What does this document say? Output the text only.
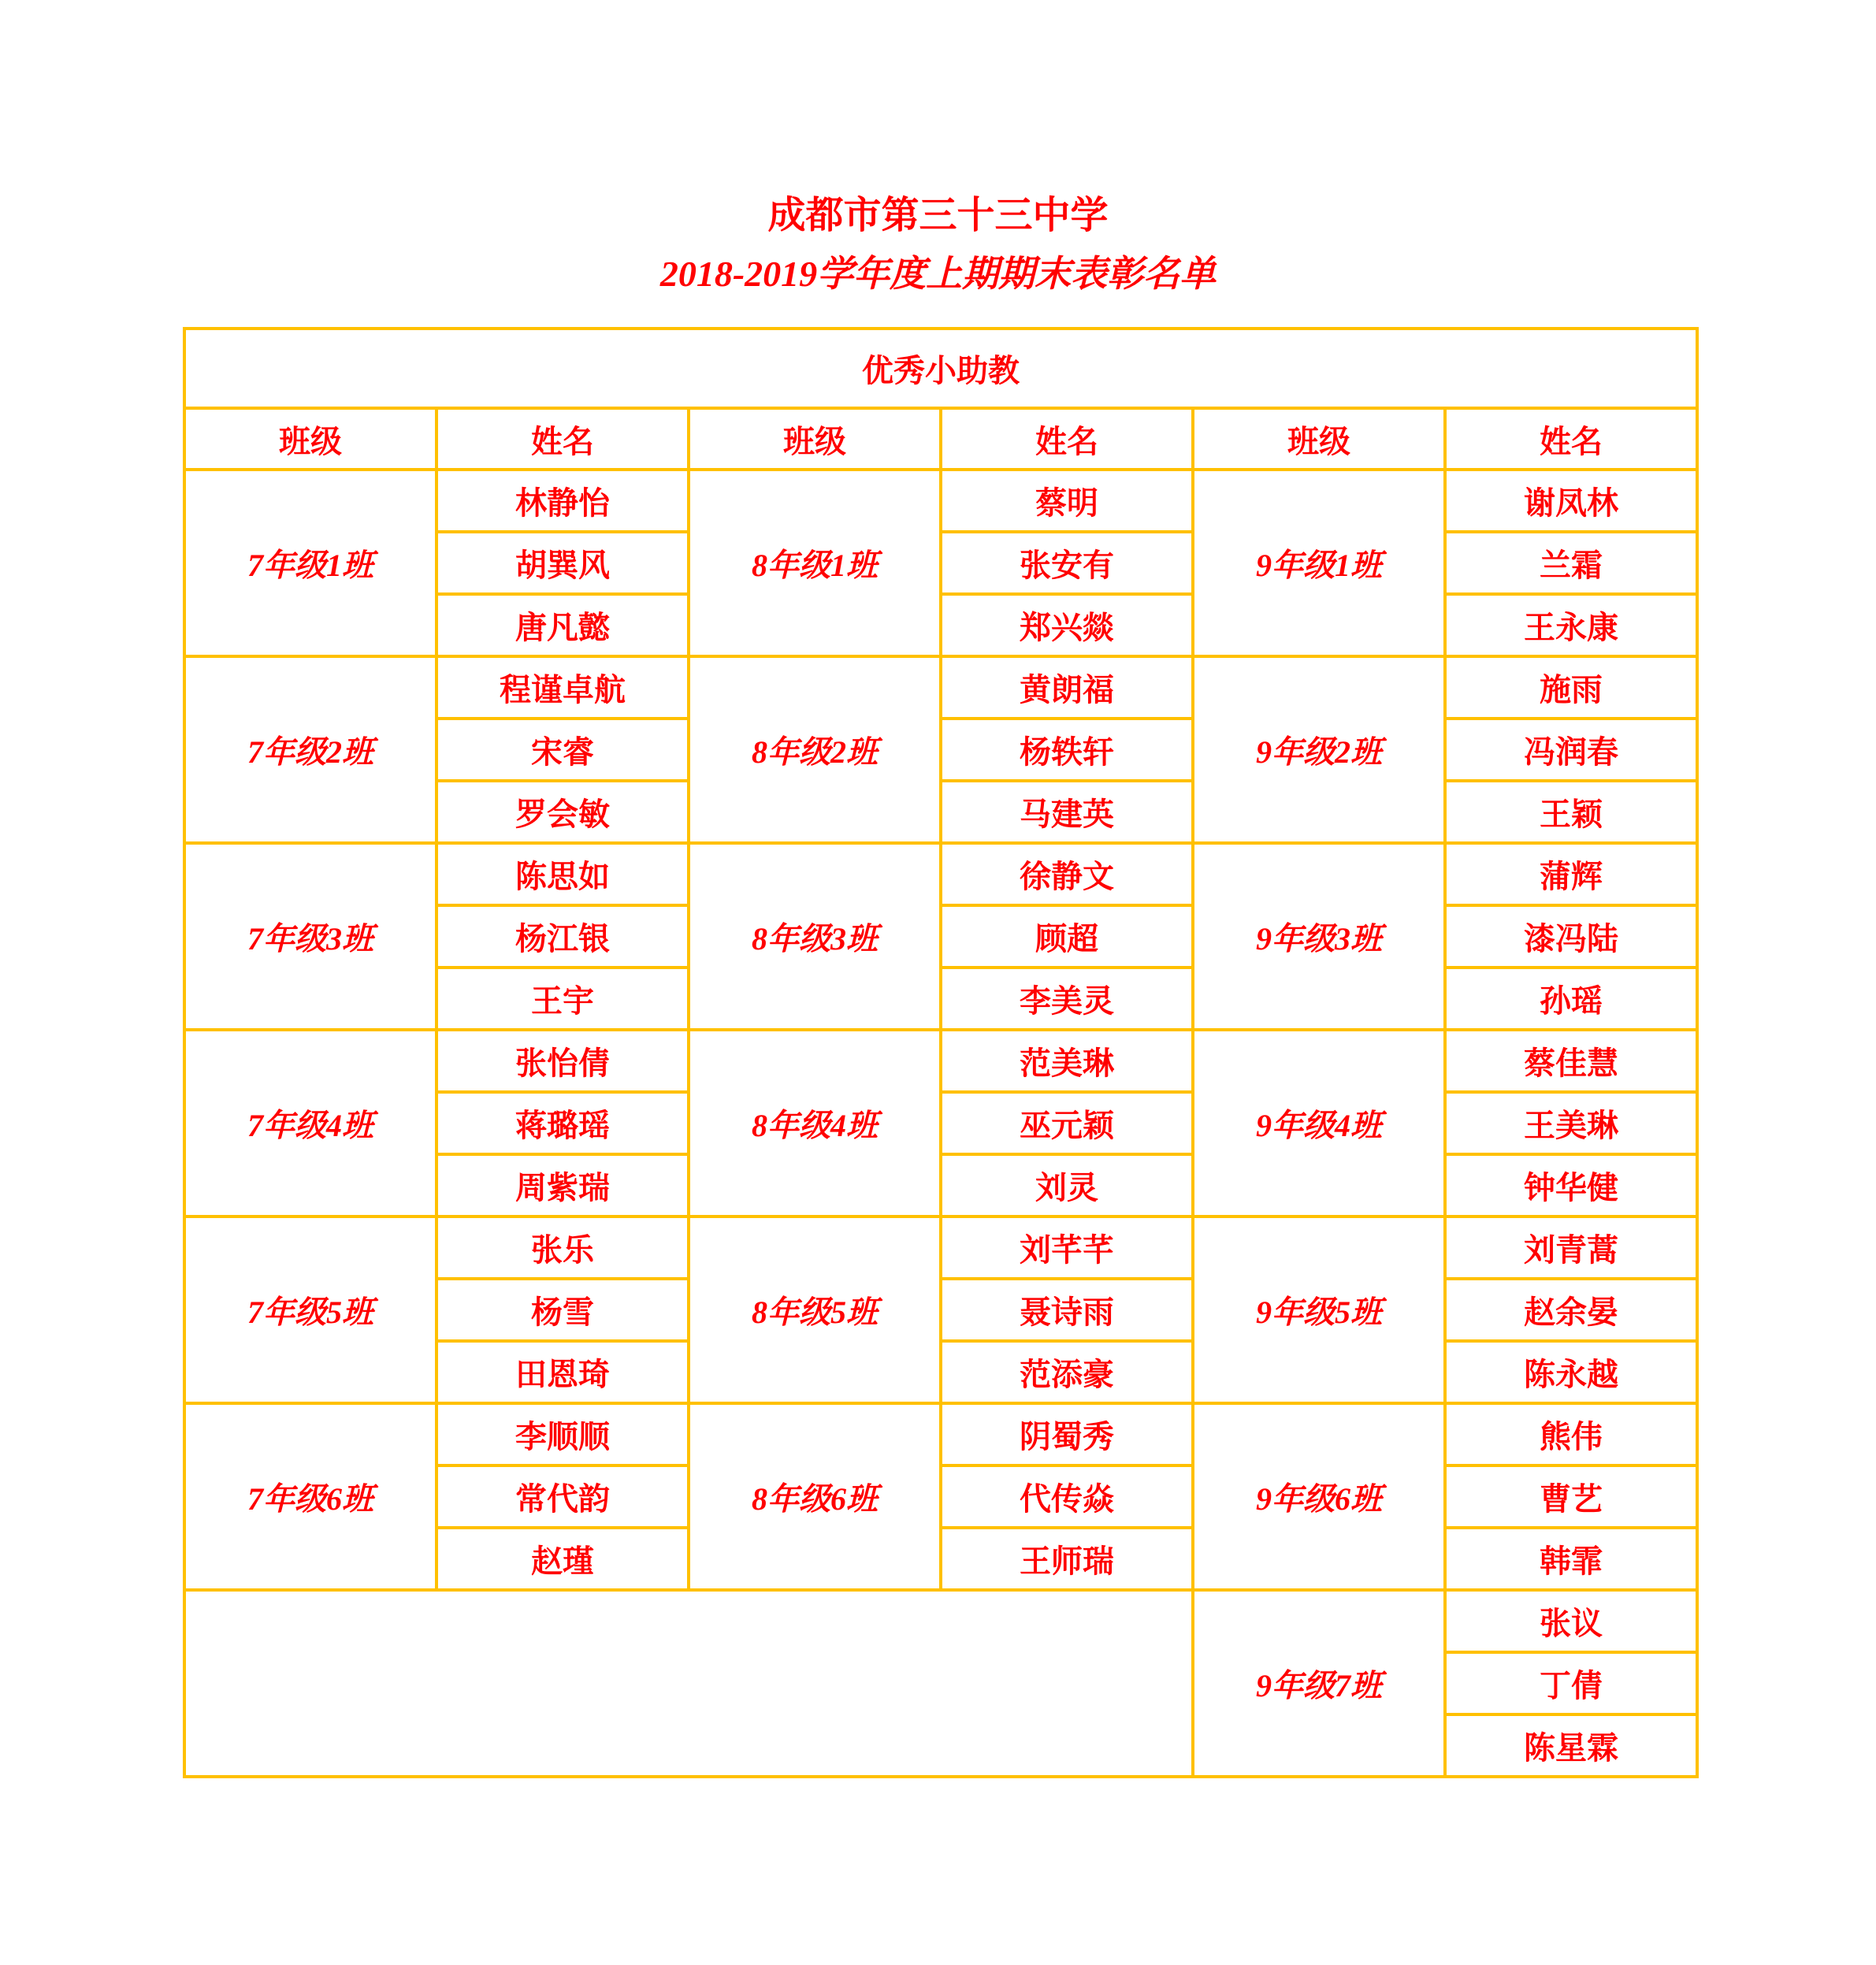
成都市第三十三中学
2018-2019学年度上期期末表彰名单
优秀小助教					
班级	姓名	班级	姓名	班级	姓名
7年级1班	林静怡	8年级1班	蔡明	9年级1班	谢凤林
	胡巽风		张安有		兰霜
	唐凡懿		郑兴燚		王永康
7年级2班	程谨卓航	8年级2班	黄朗福	9年级2班	施雨
	宋睿		杨轶轩		冯润春
	罗会敏		马建英		王颖
7年级3班	陈思如	8年级3班	徐静文	9年级3班	蒲辉
	杨江银		顾超		漆冯陆
	王宇		李美灵		孙瑶
7年级4班	张怡倩	8年级4班	范美琳	9年级4班	蔡佳慧
	蒋璐瑶		巫元颖		王美琳
	周紫瑞		刘灵		钟华健
7年级5班	张乐	8年级5班	刘芊芊	9年级5班	刘青蒿
	杨雪		聂诗雨		赵余晏
	田恩琦		范添豪		陈永越
7年级6班	李顺顺	8年级6班	阴蜀秀	9年级6班	熊伟
	常代韵		代传焱		曹艺
	赵瑾		王师瑞		韩霏
				9年级7班	张议
					丁倩
					陈星霖
